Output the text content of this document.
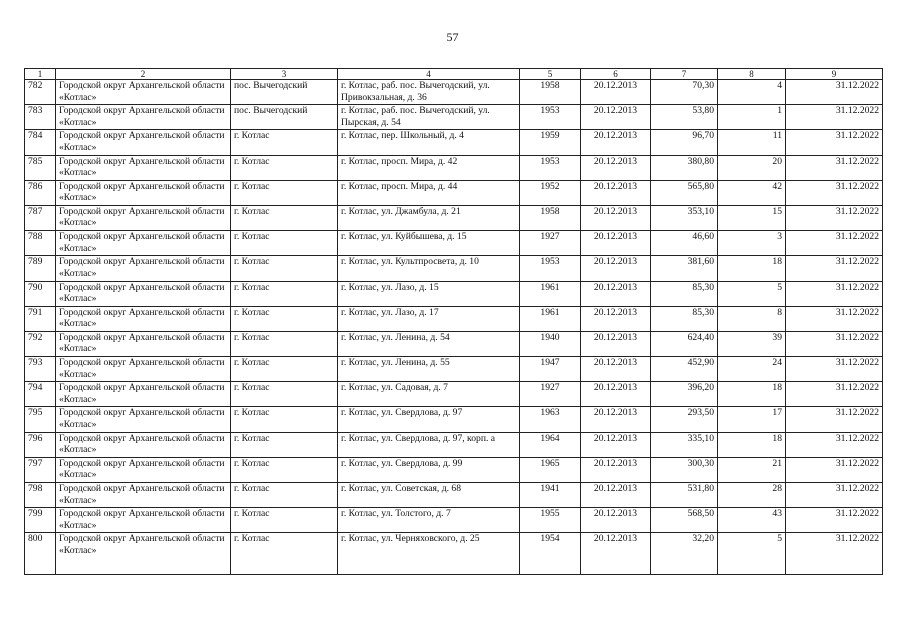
57
1	2	3	4	5	6	7	8	9
782	Городской округ Архангельской области «Котлас»	пос. Вычегодский	г. Котлас, раб. пос. Вычегодский, ул. Привокзальная, д. 36	1958	20.12.2013	70,30	4	31.12.2022
783	Городской округ Архангельской области «Котлас»	пос. Вычегодский	г. Котлас, раб. пос. Вычегодский, ул. Пырская, д. 54	1953	20.12.2013	53,80	1	31.12.2022
784	Городской округ Архангельской области «Котлас»	г. Котлас	г. Котлас, пер. Школьный, д. 4	1959	20.12.2013	96,70	11	31.12.2022
785	Городской округ Архангельской области «Котлас»	г. Котлас	г. Котлас, просп. Мира, д. 42	1953	20.12.2013	380,80	20	31.12.2022
786	Городской округ Архангельской области «Котлас»	г. Котлас	г. Котлас, просп. Мира, д. 44	1952	20.12.2013	565,80	42	31.12.2022
787	Городской округ Архангельской области «Котлас»	г. Котлас	г. Котлас, ул. Джамбула, д. 21	1958	20.12.2013	353,10	15	31.12.2022
788	Городской округ Архангельской области «Котлас»	г. Котлас	г. Котлас, ул. Куйбышева, д. 15	1927	20.12.2013	46,60	3	31.12.2022
789	Городской округ Архангельской области «Котлас»	г. Котлас	г. Котлас, ул. Культпросвета, д. 10	1953	20.12.2013	381,60	18	31.12.2022
790	Городской округ Архангельской области «Котлас»	г. Котлас	г. Котлас, ул. Лазо, д. 15	1961	20.12.2013	85,30	5	31.12.2022
791	Городской округ Архангельской области «Котлас»	г. Котлас	г. Котлас, ул. Лазо, д. 17	1961	20.12.2013	85,30	8	31.12.2022
792	Городской округ Архангельской области «Котлас»	г. Котлас	г. Котлас, ул. Ленина, д. 54	1940	20.12.2013	624,40	39	31.12.2022
793	Городской округ Архангельской области «Котлас»	г. Котлас	г. Котлас, ул. Ленина, д. 55	1947	20.12.2013	452,90	24	31.12.2022
794	Городской округ Архангельской области «Котлас»	г. Котлас	г. Котлас, ул. Садовая, д. 7	1927	20.12.2013	396,20	18	31.12.2022
795	Городской округ Архангельской области «Котлас»	г. Котлас	г. Котлас, ул. Свердлова, д. 97	1963	20.12.2013	293,50	17	31.12.2022
796	Городской округ Архангельской области «Котлас»	г. Котлас	г. Котлас, ул. Свердлова, д. 97, корп. а	1964	20.12.2013	335,10	18	31.12.2022
797	Городской округ Архангельской области «Котлас»	г. Котлас	г. Котлас, ул. Свердлова, д. 99	1965	20.12.2013	300,30	21	31.12.2022
798	Городской округ Архангельской области «Котлас»	г. Котлас	г. Котлас, ул. Советская, д. 68	1941	20.12.2013	531,80	28	31.12.2022
799	Городской округ Архангельской области «Котлас»	г. Котлас	г. Котлас, ул. Толстого, д. 7	1955	20.12.2013	568,50	43	31.12.2022
800	Городской округ Архангельской области «Котлас»	г. Котлас	г. Котлас, ул. Черняховского, д. 25	1954	20.12.2013	32,20	5	31.12.2022
